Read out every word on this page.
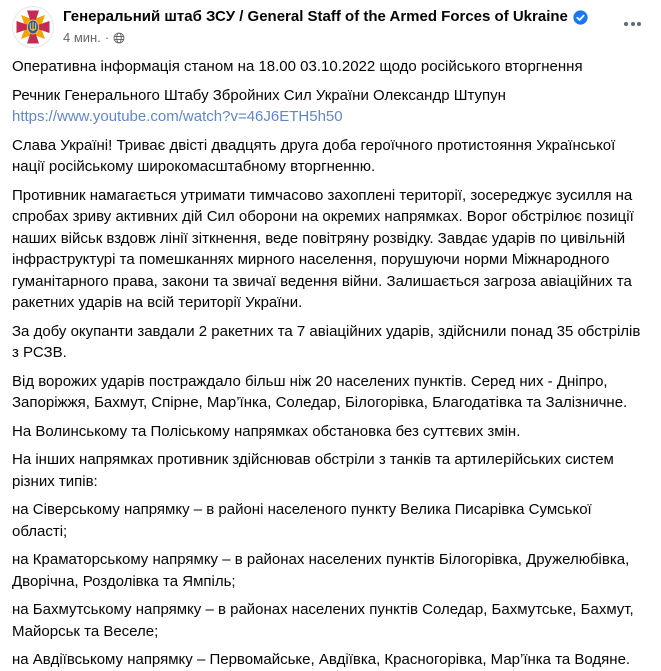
Генеральний штаб ЗСУ / General Staff of the Armed Forces of Ukraine
4 мин. ·

Оперативна інформація станом на 18.00 03.10.2022 щодо російського вторгнення

Речник Генерального Штабу Збройних Сил України Олександр Штупун
https://www.youtube.com/watch?v=46J6ETH5h50

Слава Україні! Триває двісті двадцять друга доба героїчного протистояння Української нації російському широкомасштабному вторгненню.

Противник намагається утримати тимчасово захоплені території, зосереджує зусилля на спробах зриву активних дій Сил оборони на окремих напрямках. Ворог обстрілює позиції наших військ вздовж лінії зіткнення, веде повітряну розвідку. Завдає ударів по цивільній інфраструктурі та помешканнях мирного населення, порушуючи норми Міжнародного гуманітарного права, закони та звичаї ведення війни. Залишається загроза авіаційних та ракетних ударів на всій території України.

За добу окупанти завдали 2 ракетних та 7 авіаційних ударів, здійснили понад 35 обстрілів з РСЗВ.

Від ворожих ударів постраждало більш ніж 20 населених пунктів. Серед них - Дніпро, Запоріжжя, Бахмут, Спірне, Мар’їнка, Соледар, Білогорівка, Благодатівка та Залізничне.

На Волинському та Поліському напрямках обстановка без суттєвих змін.

На інших напрямках противник здійснював обстріли з танків та артилерійських систем різних типів:

на Сіверському напрямку – в районі населеного пункту Велика Писарівка Сумської області;

на Краматорському напрямку – в районах населених пунктів Білогорівка, Дружелюбівка, Дворічна, Роздолівка та Ямпіль;

на Бахмутському напрямку – в районах населених пунктів Соледар, Бахмутське, Бахмут, Майорськ та Веселе;

на Авдіївському напрямку – Первомайське, Авдіївка, Красногорівка, Мар’їнка та Водяне.
